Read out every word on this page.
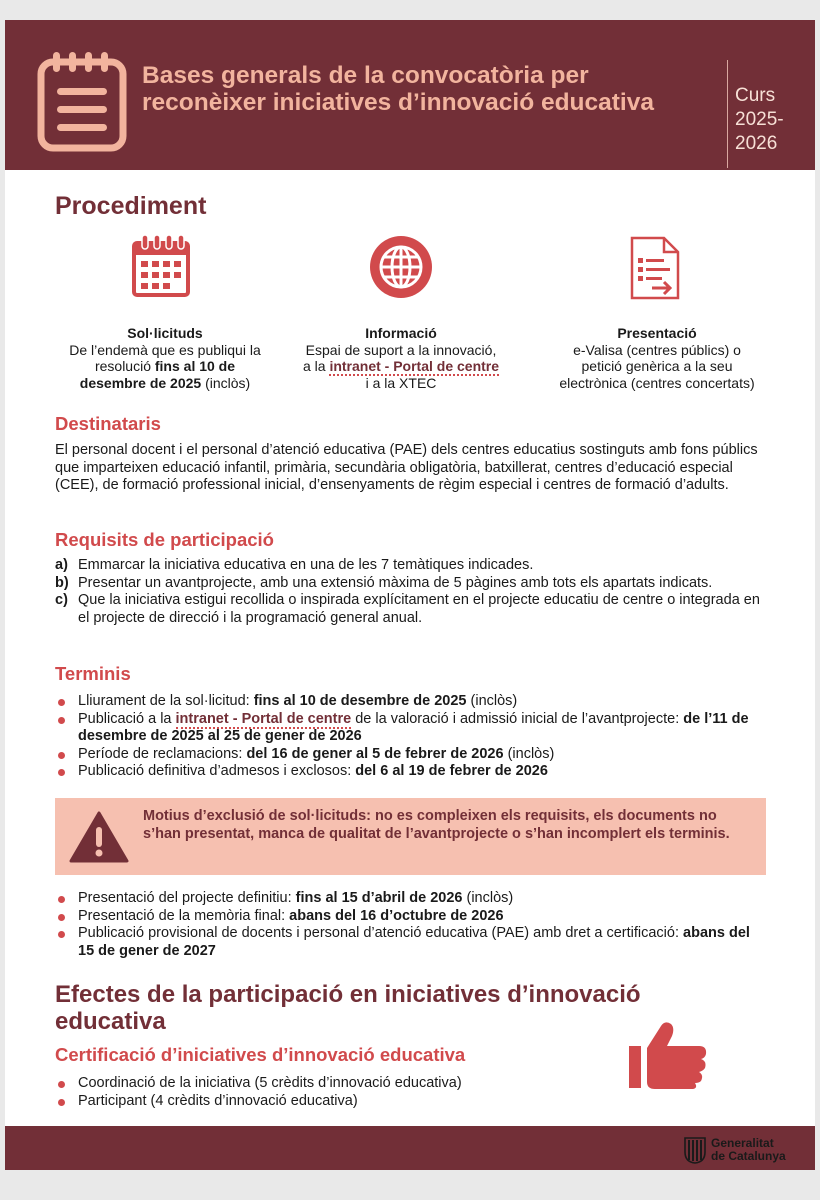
Bases generals de la convocatòria per reconèixer iniciatives d’innovació educativa	Curs
2025-
2026
Procediment
Sol·licituds
De l’endemà que es publiqui la resolució fins al 10 de desembre de 2025 (inclòs)
Informació
Espai de suport a la innovació, a la intranet - Portal de centre i a la XTEC
Presentació
e-Valisa (centres públics) o petició genèrica a la seu electrònica (centres concertats)
Destinataris

El personal docent i el personal d’atenció educativa (PAE) dels centres educatius sostinguts amb fons públics que imparteixen educació infantil, primària, secundària obligatòria, batxillerat, centres d’educació especial (CEE), de formació professional inicial, d’ensenyaments de règim especial i centres de formació d’adults.

Requisits de participació
a) Emmarcar la iniciativa educativa en una de les 7 temàtiques indicades.
b) Presentar un avantprojecte, amb una extensió màxima de 5 pàgines amb tots els apartats indicats.
c) Que la iniciativa estigui recollida o inspirada explícitament en el projecte educatiu de centre o integrada en el projecte de direcció i la programació general anual.
Terminis
Lliurament de la sol·licitud: fins al 10 de desembre de 2025 (inclòs)
Publicació a la intranet - Portal de centre de la valoració i admissió inicial de l’avantprojecte: de l’11 de desembre de 2025 al 25 de gener de 2026
Període de reclamacions: del 16 de gener al 5 de febrer de 2026 (inclòs)
Publicació definitiva d’admesos i exclosos: del 6 al 19 de febrer de 2026
Motius d’exclusió de sol·licituds: no es compleixen els requisits, els documents no s’han presentat, manca de qualitat de l’avantprojecte o s’han incomplert els terminis.
Presentació del projecte definitiu: fins al 15 d’abril de 2026 (inclòs)
Presentació de la memòria final: abans del 16 d’octubre de 2026
Publicació provisional de docents i personal d’atenció educativa (PAE) amb dret a certificació: abans del 15 de gener de 2027
Efectes de la participació en iniciatives d’innovació educativa
Certificació d’iniciatives d’innovació educativa
Coordinació de la iniciativa (5 crèdits d’innovació educativa)
Participant (4 crèdits d’innovació educativa)
Generalitat
de Catalunya
